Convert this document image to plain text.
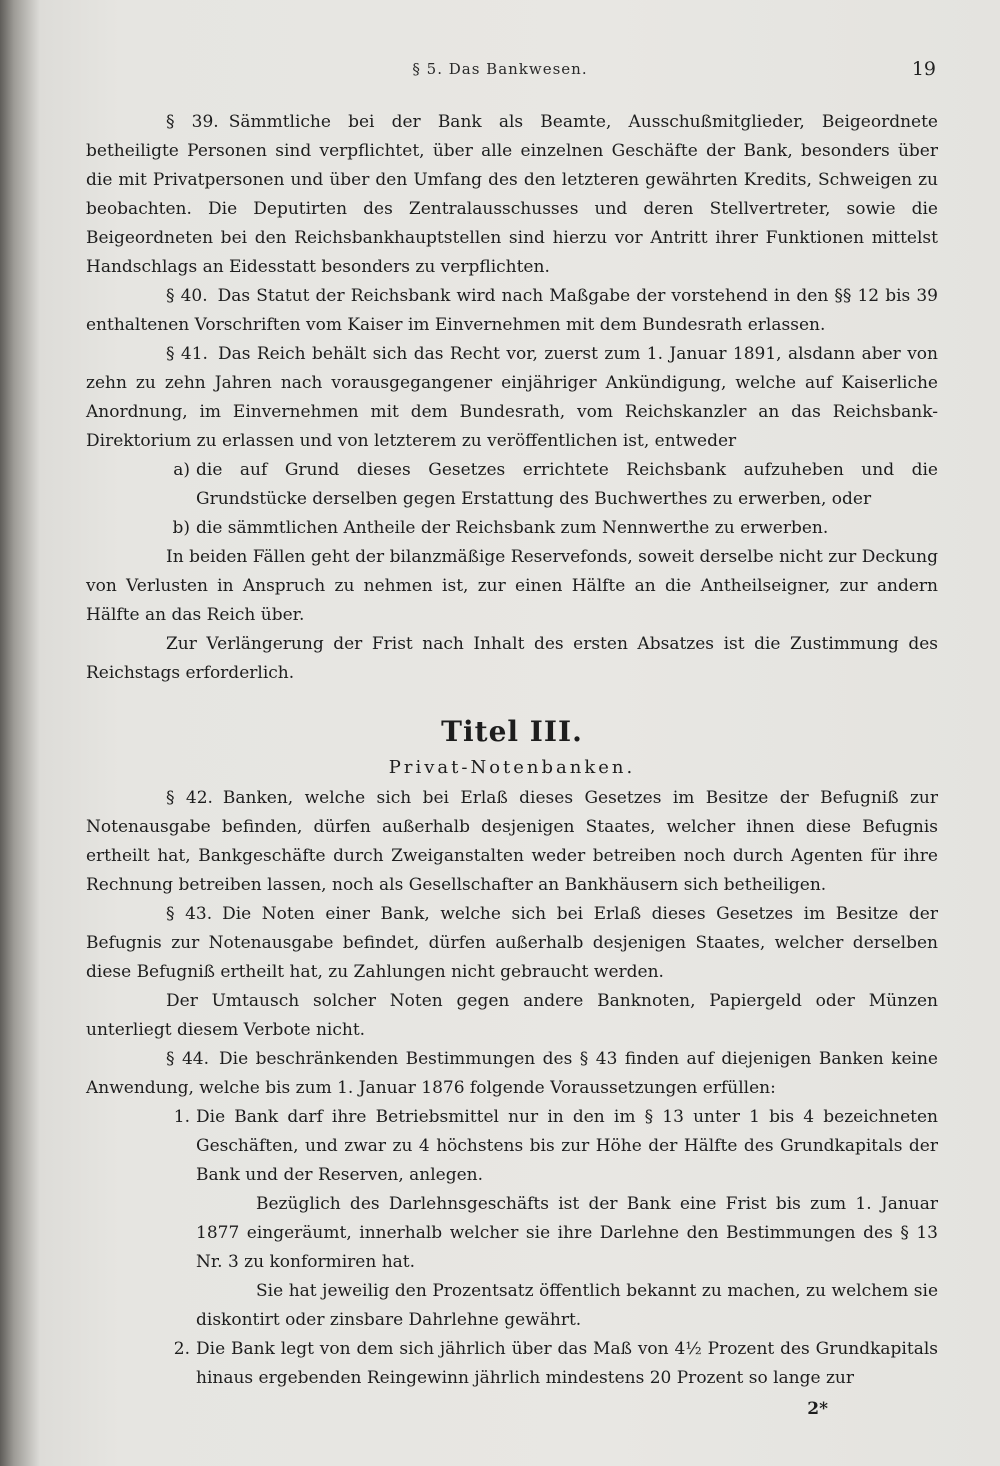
§ 5. Das Bankwesen.	19

§ 39. Sämmtliche bei der Bank als Beamte, Ausschußmitglieder, Beigeordnete betheiligte Personen sind verpflichtet, über alle einzelnen Geschäfte der Bank, besonders über die mit Privatpersonen und über den Umfang des den letzteren gewährten Kredits, Schweigen zu beobachten. Die Deputirten des Zentralausschusses und deren Stellvertreter, sowie die Beigeordneten bei den Reichsbankhauptstellen sind hierzu vor Antritt ihrer Funktionen mittelst Handschlags an Eidesstatt besonders zu verpflichten.

§ 40. Das Statut der Reichsbank wird nach Maßgabe der vorstehend in den §§ 12 bis 39 enthaltenen Vorschriften vom Kaiser im Einvernehmen mit dem Bundesrath erlassen.

§ 41. Das Reich behält sich das Recht vor, zuerst zum 1. Januar 1891, alsdann aber von zehn zu zehn Jahren nach vorausgegangener einjähriger Ankündigung, welche auf Kaiserliche Anordnung, im Einvernehmen mit dem Bundesrath, vom Reichskanzler an das Reichsbank-Direktorium zu erlassen und von letzterem zu veröffentlichen ist, entweder

a) die auf Grund dieses Gesetzes errichtete Reichsbank aufzuheben und die Grundstücke derselben gegen Erstattung des Buchwerthes zu erwerben, oder
b) die sämmtlichen Antheile der Reichsbank zum Nennwerthe zu erwerben.

In beiden Fällen geht der bilanzmäßige Reservefonds, soweit derselbe nicht zur Deckung von Verlusten in Anspruch zu nehmen ist, zur einen Hälfte an die Antheilseigner, zur andern Hälfte an das Reich über.

Zur Verlängerung der Frist nach Inhalt des ersten Absatzes ist die Zustimmung des Reichstags erforderlich.

Titel III.
Privat-Notenbanken.

§ 42. Banken, welche sich bei Erlaß dieses Gesetzes im Besitze der Befugniß zur Notenausgabe befinden, dürfen außerhalb desjenigen Staates, welcher ihnen diese Befugnis ertheilt hat, Bankgeschäfte durch Zweiganstalten weder betreiben noch durch Agenten für ihre Rechnung betreiben lassen, noch als Gesellschafter an Bankhäusern sich betheiligen.

§ 43. Die Noten einer Bank, welche sich bei Erlaß dieses Gesetzes im Besitze der Befugnis zur Notenausgabe befindet, dürfen außerhalb desjenigen Staates, welcher derselben diese Befugniß ertheilt hat, zu Zahlungen nicht gebraucht werden.

Der Umtausch solcher Noten gegen andere Banknoten, Papiergeld oder Münzen unterliegt diesem Verbote nicht.

§ 44. Die beschränkenden Bestimmungen des § 43 finden auf diejenigen Banken keine Anwendung, welche bis zum 1. Januar 1876 folgende Voraussetzungen erfüllen:

1. Die Bank darf ihre Betriebsmittel nur in den im § 13 unter 1 bis 4 bezeichneten Geschäften, und zwar zu 4 höchstens bis zur Höhe der Hälfte des Grundkapitals der Bank und der Reserven, anlegen.

Bezüglich des Darlehnsgeschäfts ist der Bank eine Frist bis zum 1. Januar 1877 eingeräumt, innerhalb welcher sie ihre Darlehne den Bestimmungen des § 13 Nr. 3 zu konformiren hat.

Sie hat jeweilig den Prozentsatz öffentlich bekannt zu machen, zu welchem sie diskontirt oder zinsbare Dahrlehne gewährt.

2. Die Bank legt von dem sich jährlich über das Maß von 4½ Prozent des Grundkapitals hinaus ergebenden Reingewinn jährlich mindestens 20 Prozent so lange zur

2*
